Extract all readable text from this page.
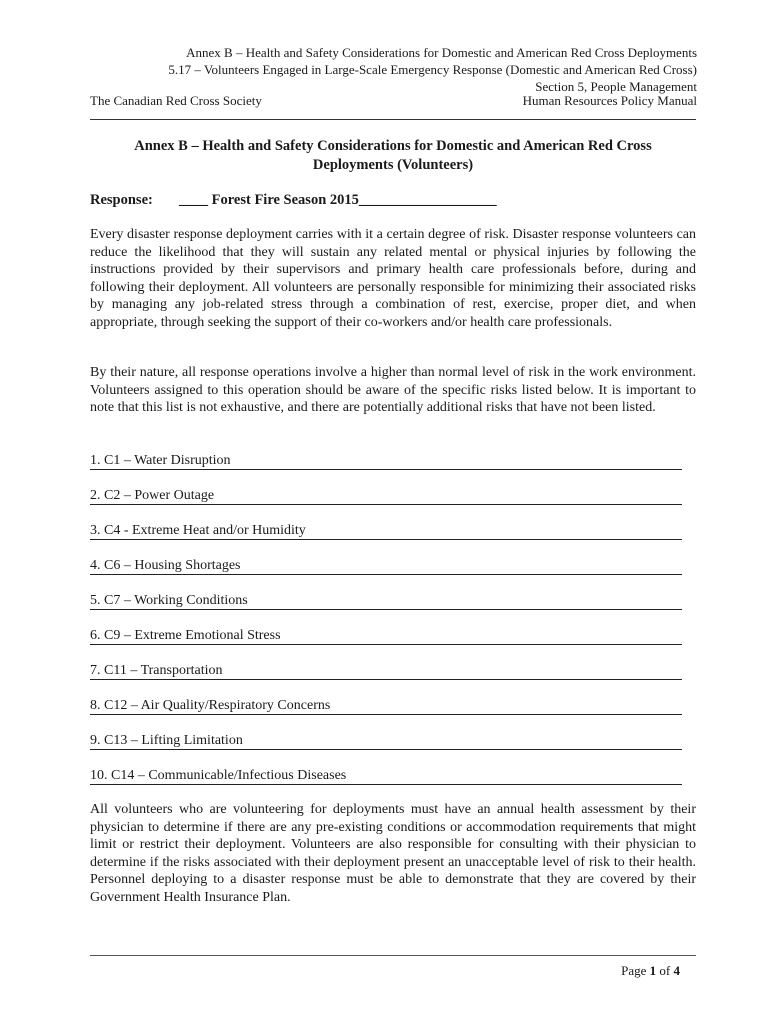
Annex B – Health and Safety Considerations for Domestic and American Red Cross Deployments
5.17 – Volunteers Engaged in Large-Scale Emergency Response (Domestic and American Red Cross)
Section 5, People Management
The Canadian Red Cross Society	Human Resources Policy Manual
Annex B – Health and Safety Considerations for Domestic and American Red Cross
Deployments (Volunteers)
Response: ____ Forest Fire Season 2015___________________
Every disaster response deployment carries with it a certain degree of risk. Disaster response volunteers can reduce the likelihood that they will sustain any related mental or physical injuries by following the instructions provided by their supervisors and primary health care professionals before, during and following their deployment. All volunteers are personally responsible for minimizing their associated risks by managing any job-related stress through a combination of rest, exercise, proper diet, and when appropriate, through seeking the support of their co-workers and/or health care professionals.
By their nature, all response operations involve a higher than normal level of risk in the work environment. Volunteers assigned to this operation should be aware of the specific risks listed below. It is important to note that this list is not exhaustive, and there are potentially additional risks that have not been listed.
1. C1 – Water Disruption
2. C2 – Power Outage
3. C4 - Extreme Heat and/or Humidity
4. C6 – Housing Shortages
5. C7 – Working Conditions
6. C9 – Extreme Emotional Stress
7. C11 – Transportation
8. C12 – Air Quality/Respiratory Concerns
9. C13 – Lifting Limitation
10. C14 – Communicable/Infectious Diseases
All volunteers who are volunteering for deployments must have an annual health assessment by their physician to determine if there are any pre-existing conditions or accommodation requirements that might limit or restrict their deployment. Volunteers are also responsible for consulting with their physician to determine if the risks associated with their deployment present an unacceptable level of risk to their health. Personnel deploying to a disaster response must be able to demonstrate that they are covered by their Government Health Insurance Plan.
Page 1 of 4
